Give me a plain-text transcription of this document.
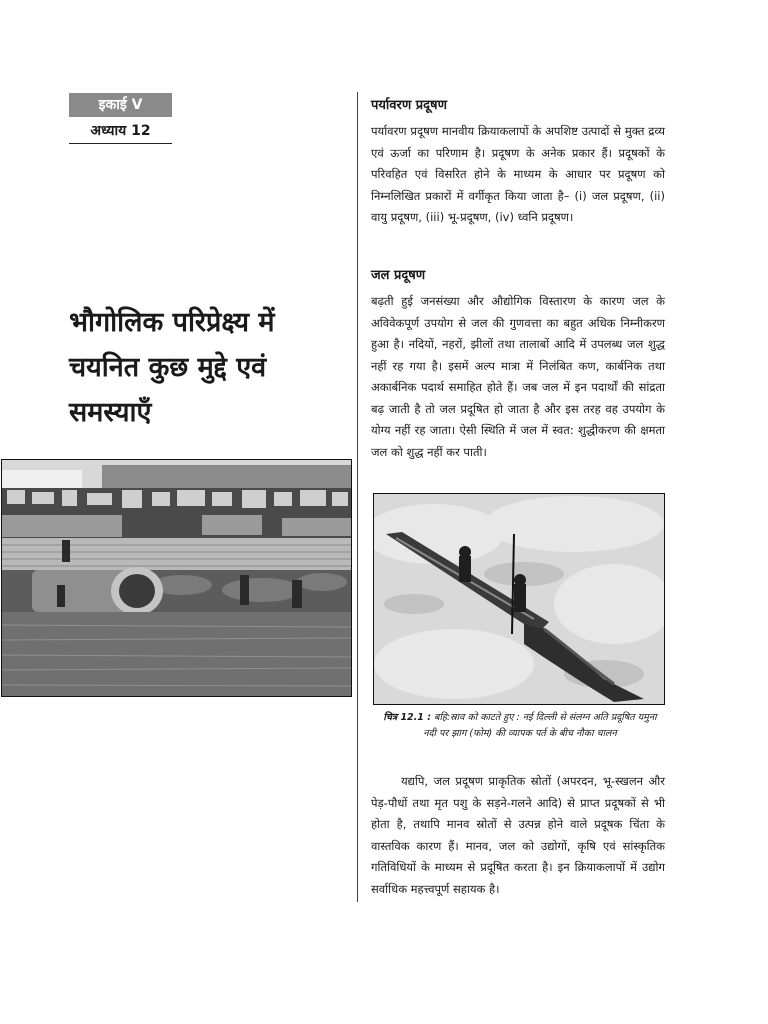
इकाई V
अध्याय 12
भौगोलिक परिप्रेक्ष्य में चयनित कुछ मुद्दे एवं समस्याएँ
पर्यावरण प्रदूषण

पर्यावरण प्रदूषण मानवीय क्रियाकलापों के अपशिष्ट उत्पादों से मुक्त द्रव्य एवं ऊर्जा का परिणाम है। प्रदूषण के अनेक प्रकार हैं। प्रदूषकों के परिवहित एवं विसरित होने के माध्यम के आधार पर प्रदूषण को निम्नलिखित प्रकारों में वर्गीकृत किया जाता है– (i) जल प्रदूषण, (ii) वायु प्रदूषण, (iii) भू-प्रदूषण, (iv) ध्वनि प्रदूषण।

जल प्रदूषण

बढ़ती हुई जनसंख्या और औद्योगिक विस्तारण के कारण जल के अविवेकपूर्ण उपयोग से जल की गुणवत्ता का बहुत अधिक निम्नीकरण हुआ है। नदियों, नहरों, झीलों तथा तालाबों आदि में उपलब्ध जल शुद्ध नहीं रह गया है। इसमें अल्प मात्रा में निलंबित कण, कार्बनिक तथा अकार्बनिक पदार्थ समाहित होते हैं। जब जल में इन पदार्थों की सांद्रता बढ़ जाती है तो जल प्रदूषित हो जाता है और इस तरह वह उपयोग के योग्य नहीं रह जाता। ऐसी स्थिति में जल में स्वत: शुद्धीकरण की क्षमता जल को शुद्ध नहीं कर पाती।

चित्र 12.1 : बहि:स्राव को काटते हुए : नई दिल्ली से संलग्न अति प्रदूषित यमुना नदी पर झाग (फोम) की व्यापक पर्त के बीच नौका चालन

यद्यपि, जल प्रदूषण प्राकृतिक स्रोतों (अपरदन, भू-स्खलन और पेड़-पौधों तथा मृत पशु के सड़ने-गलने आदि) से प्राप्त प्रदूषकों से भी होता है, तथापि मानव स्रोतों से उत्पन्न होने वाले प्रदूषक चिंता के वास्तविक कारण हैं। मानव, जल को उद्योगों, कृषि एवं सांस्कृतिक गतिविधियों के माध्यम से प्रदूषित करता है। इन क्रियाकलापों में उद्योग सर्वाधिक महत्त्वपूर्ण सहायक है।
